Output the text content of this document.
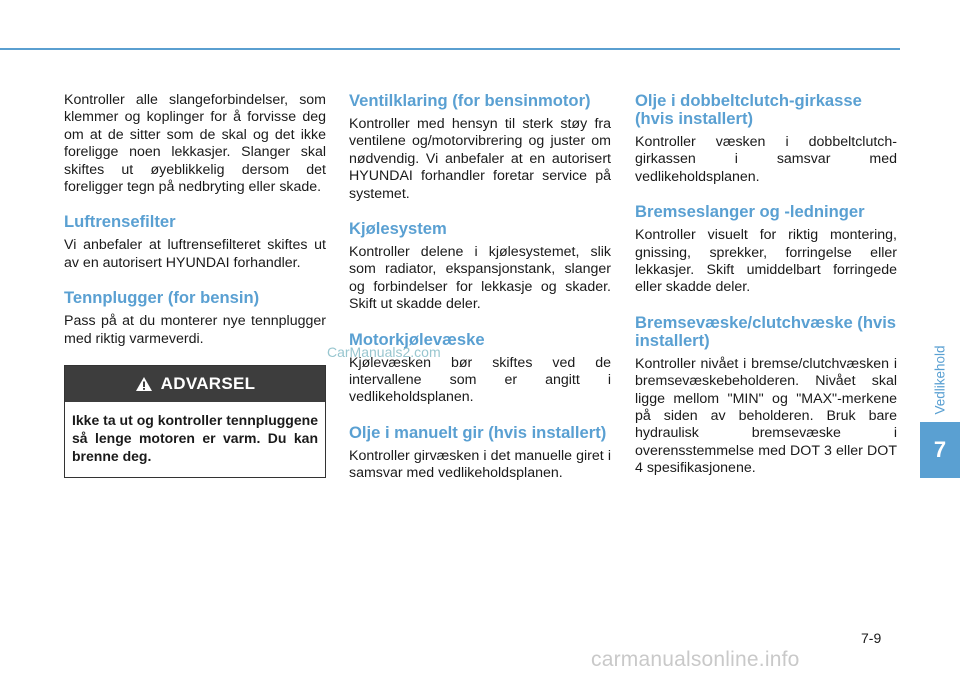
Kontroller alle slangeforbindelser, som klemmer og koplinger for å forvisse deg om at de sitter som de skal og det ikke foreligge noen lekkasjer. Slanger skal skiftes ut øyeblikkelig dersom det foreligger tegn på nedbryting eller skade.

Luftrensefilter

Vi anbefaler at luftrensefilteret skiftes ut av en autorisert HYUNDAI forhandler.

Tennplugger (for bensin)

Pass på at du monterer nye tennplugger med riktig varmeverdi.

ADVARSEL
Ikke ta ut og kontroller tennpluggene så lenge motoren er varm. Du kan brenne deg.
Ventilklaring (for bensinmotor)

Kontroller med hensyn til sterk støy fra ventilene og/motorvibrering og juster om nødvendig. Vi anbefaler at en autorisert HYUNDAI forhandler foretar service på systemet.

Kjølesystem

Kontroller delene i kjølesystemet, slik som radiator, ekspansjonstank, slanger og forbindelser for lekkasje og skader. Skift ut skadde deler.

Motorkjølevæske

Kjølevæsken bør skiftes ved de intervallene som er angitt i vedlikeholdsplanen.

Olje i manuelt gir (hvis installert)

Kontroller girvæsken i det manuelle giret i samsvar med vedlikeholdsplanen.

Olje i dobbeltclutch-girkasse (hvis installert)

Kontroller væsken i dobbeltclutch-girkassen i samsvar med vedlikeholdsplanen.

Bremseslanger og -ledninger

Kontroller visuelt for riktig montering, gnissing, sprekker, forringelse eller lekkasjer. Skift umiddelbart forringede eller skadde deler.

Bremsevæske/clutchvæske (hvis installert)

Kontroller nivået i bremse/clutchvæsken i bremsevæskebeholderen. Nivået skal ligge mellom "MIN" og "MAX"-merkene på siden av beholderen. Bruk bare hydraulisk bremsevæske i overensstemmelse med DOT 3 eller DOT 4 spesifikasjonene.

CarManuals2.com	Vedlikehold
7
7-9
carmanualsonline.info
